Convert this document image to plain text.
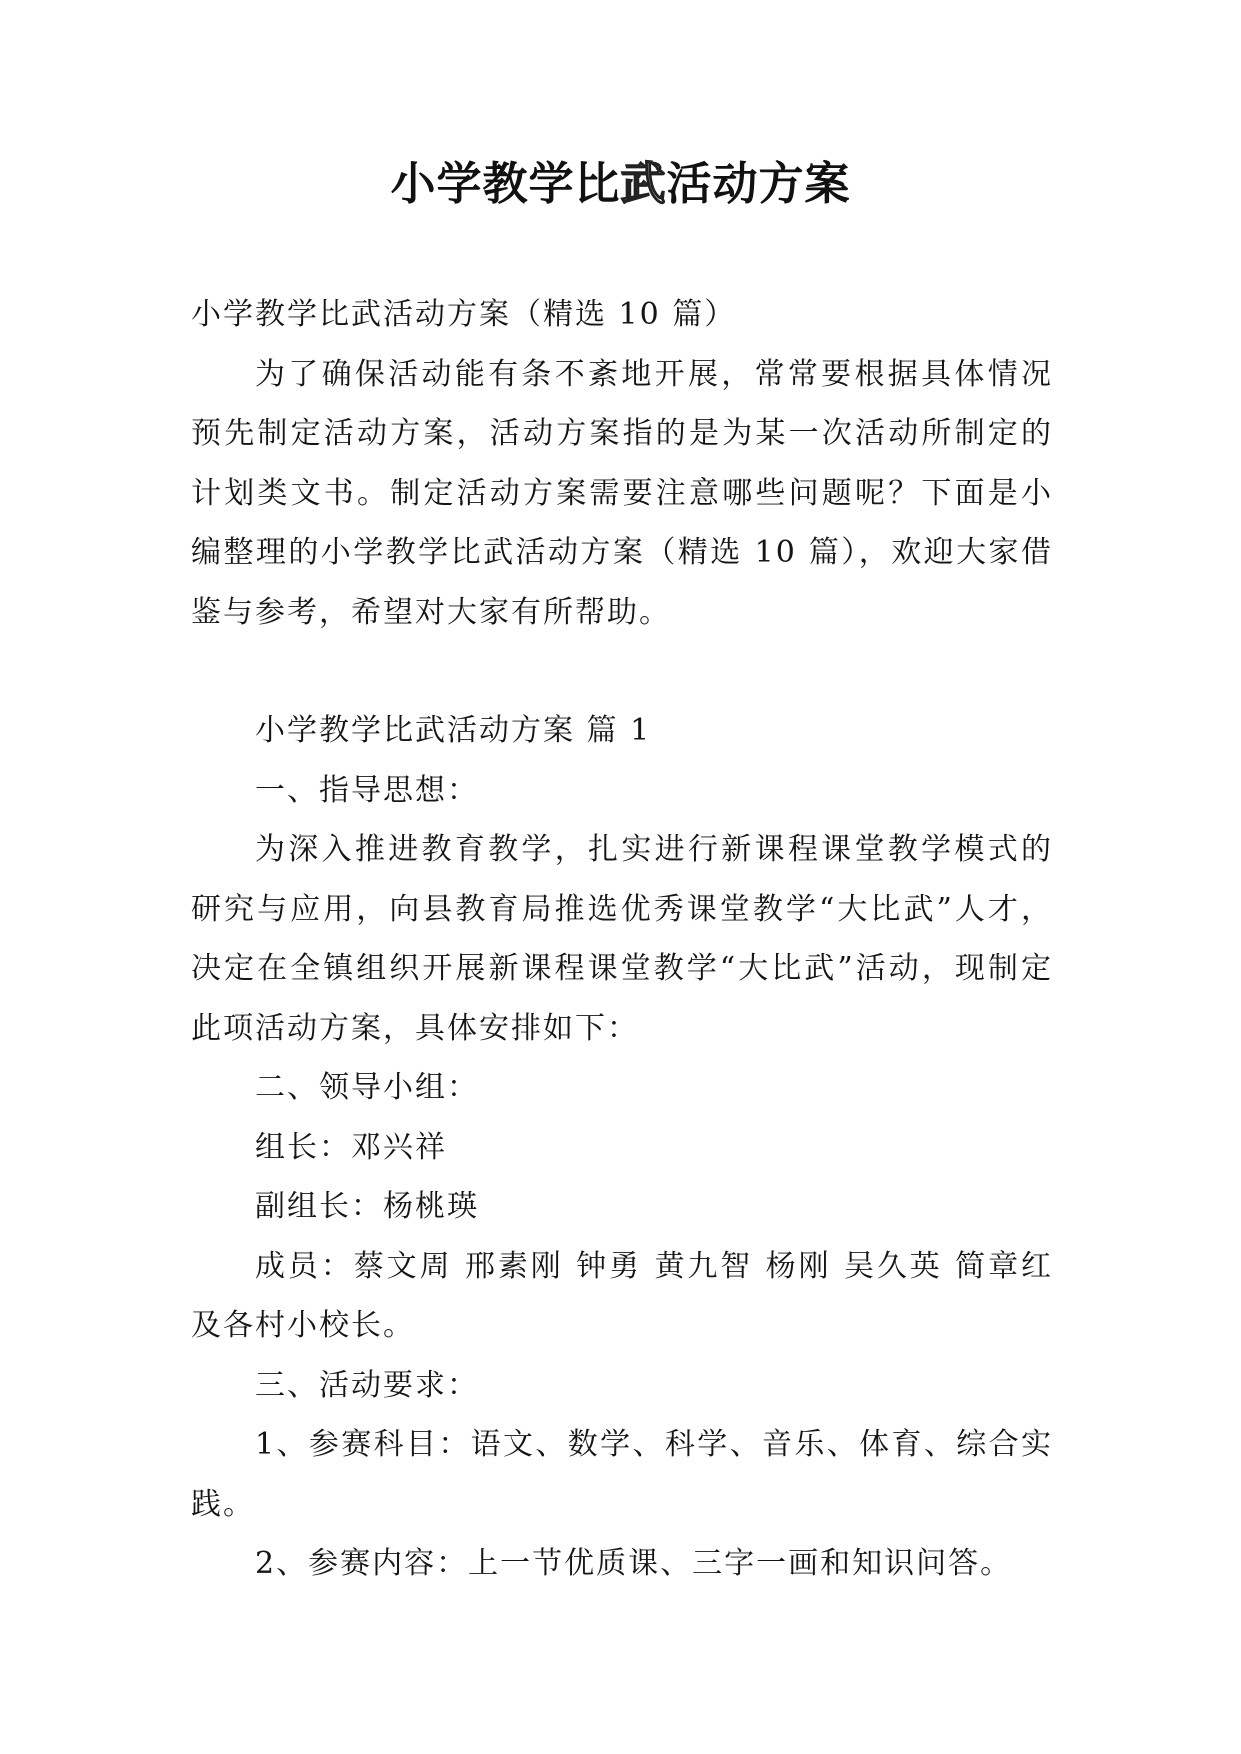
小学教学比武活动方案

小学教学比武活动方案（精选 10 篇）

为了确保活动能有条不紊地开展，常常要根据具体情况预先制定活动方案，活动方案指的是为某一次活动所制定的计划类文书。制定活动方案需要注意哪些问题呢？下面是小编整理的小学教学比武活动方案（精选 10 篇），欢迎大家借鉴与参考，希望对大家有所帮助。

小学教学比武活动方案 篇 1

一、指导思想：

为深入推进教育教学，扎实进行新课程课堂教学模式的研究与应用，向县教育局推选优秀课堂教学“大比武”人才，决定在全镇组织开展新课程课堂教学“大比武”活动，现制定此项活动方案，具体安排如下：

二、领导小组：

组长：邓兴祥

副组长：杨桃瑛

成员：蔡文周 邢素刚 钟勇 黄九智 杨刚 吴久英 简章红及各村小校长。

三、活动要求：

1、参赛科目：语文、数学、科学、音乐、体育、综合实践。

2、参赛内容：上一节优质课、三字一画和知识问答。
